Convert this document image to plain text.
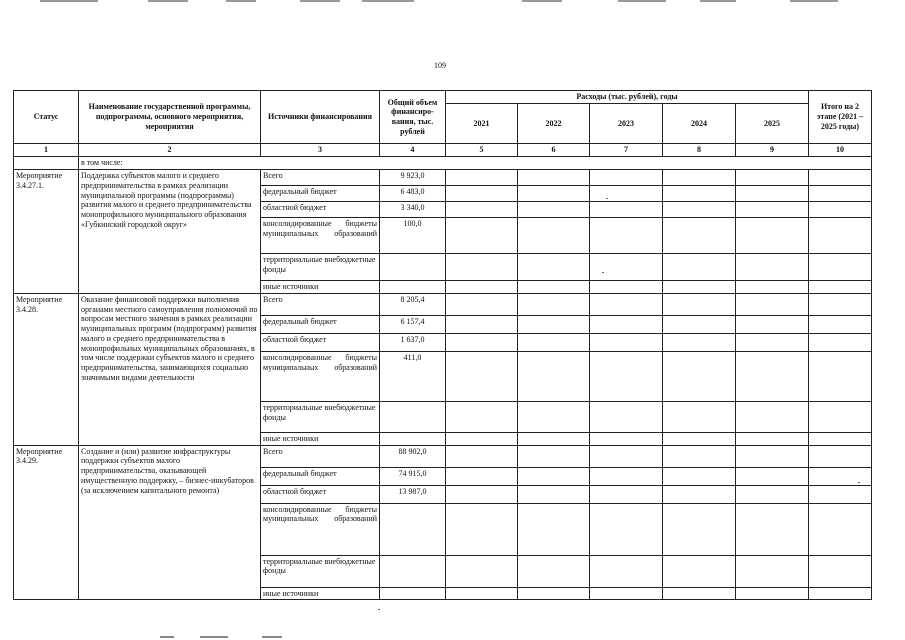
109
Статус	Наименование государственной программы, подпрограммы, основного мероприятия, мероприятия	Источники финансирования	Общий объем финансиро-вания, тыс. рублей	Расходы (тыс. рублей), годы					Итого на 2 этапе (2021 – 2025 годы)
				2021	2022	2023	2024	2025	
1	2	3	4	5	6	7	8	9	10
	в том числе:								
Мероприятие 3.4.27.1.	Поддержка субъектов малого и среднего предпринимательства в рамках реализации муниципальной программы (подпрограммы) развития малого и среднего предпринимательства монопрофильного муниципального образования «Губкинский городской округ»	Всего	9 923,0						
		федеральный бюджет	6 483,0						
		областной бюджет	3 340,0						
		консолидированные бюджеты муниципальных образований	100,0						
		территориальные внебюджетные фонды							
		иные источники							
Мероприятие 3.4.28.	Оказание финансовой поддержки выполнения органами местного самоуправления полномочий по вопросам местного значения в рамках реализации муниципальных программ (подпрограмм) развития малого и среднего предпринимательства в монопрофильных муниципальных образованиях, в том числе поддержки субъектов малого и среднего предпринимательства, занимающихся социально значимыми видами деятельности	Всего	8 205,4						
		федеральный бюджет	6 157,4						
		областной бюджет	1 637,0						
		консолидированные бюджеты муниципальных образований	411,0						
		территориальные внебюджетные фонды							
		иные источники							
Мероприятие 3.4.29.	Создание и (или) развитие инфраструктуры поддержки субъектов малого предпринимательства, оказывающей имущественную поддержку, – бизнес-инкубаторов (за исключением капитального ремонта)	Всего	88 902,0						
		федеральный бюджет	74 915,0						
		областной бюджет	13 987,0						
		консолидированные бюджеты муниципальных образований							
		территориальные внебюджетные фонды							
		иные источники							
